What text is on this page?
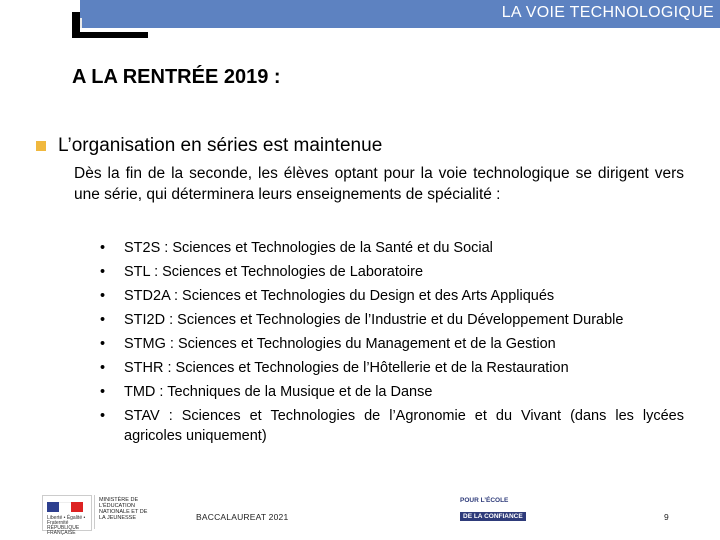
LA VOIE TECHNOLOGIQUE
A LA RENTRÉE 2019 :
L’organisation en séries est maintenue
Dès la fin de la seconde, les élèves optant pour la voie technologique se dirigent vers une série, qui déterminera leurs enseignements de spécialité :
• ST2S : Sciences et Technologies de la Santé et du Social
• STL : Sciences et Technologies de Laboratoire
• STD2A : Sciences et Technologies du Design et des Arts Appliqués
• STI2D : Sciences et Technologies de l’Industrie et du Développement Durable
• STMG : Sciences et Technologies du Management et de la Gestion
• STHR : Sciences et Technologies de l’Hôtellerie et de la Restauration
• TMD : Techniques de la Musique et de la Danse
• STAV : Sciences et Technologies de l’Agronomie et du Vivant (dans les lycées agricoles uniquement)
Liberté • Égalité • Fraternité RÉPUBLIQUE FRANÇAISE
MINISTÈRE DE L’ÉDUCATION NATIONALE ET DE LA JEUNESSE	BACCALAUREAT 2021
POUR L’ÉCOLE
DE LA CONFIANCE	9
